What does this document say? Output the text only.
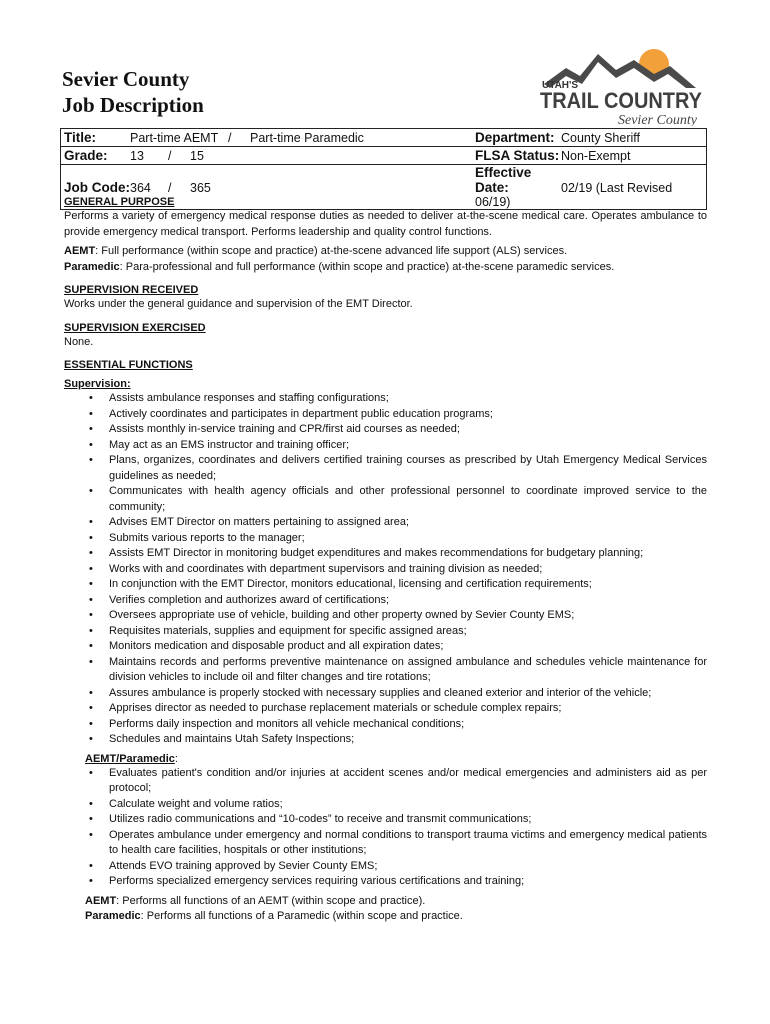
Sevier County
Job Description
UTAH'S
TRAIL COUNTRY
Sevier County
Title: Part-time AEMT / Part-time Paramedic	Department: County Sheriff
Grade: 13 / 15	FLSA Status: Non-Exempt
Job Code:364 / 365	Effective Date: 02/19 (Last Revised 06/19)
GENERAL PURPOSE

Performs a variety of emergency medical response duties as needed to deliver at-the-scene medical care. Operates ambulance to provide emergency medical transport. Performs leadership and quality control functions.

AEMT: Full performance (within scope and practice) at-the-scene advanced life support (ALS) services.

Paramedic: Para-professional and full performance (within scope and practice) at-the-scene paramedic services.

SUPERVISION RECEIVED

Works under the general guidance and supervision of the EMT Director.

SUPERVISION EXERCISED

None.

ESSENTIAL FUNCTIONS
Supervision:
• Assists ambulance responses and staffing configurations;
• Actively coordinates and participates in department public education programs;
• Assists monthly in-service training and CPR/first aid courses as needed;
• May act as an EMS instructor and training officer;
• Plans, organizes, coordinates and delivers certified training courses as prescribed by Utah Emergency Medical Services guidelines as needed;
• Communicates with health agency officials and other professional personnel to coordinate improved service to the community;
• Advises EMT Director on matters pertaining to assigned area;
• Submits various reports to the manager;
• Assists EMT Director in monitoring budget expenditures and makes recommendations for budgetary planning;
• Works with and coordinates with department supervisors and training division as needed;
• In conjunction with the EMT Director, monitors educational, licensing and certification requirements;
• Verifies completion and authorizes award of certifications;
• Oversees appropriate use of vehicle, building and other property owned by Sevier County EMS;
• Requisites materials, supplies and equipment for specific assigned areas;
• Monitors medication and disposable product and all expiration dates;
• Maintains records and performs preventive maintenance on assigned ambulance and schedules vehicle maintenance for division vehicles to include oil and filter changes and tire rotations;
• Assures ambulance is properly stocked with necessary supplies and cleaned exterior and interior of the vehicle;
• Apprises director as needed to purchase replacement materials or schedule complex repairs;
• Performs daily inspection and monitors all vehicle mechanical conditions;
• Schedules and maintains Utah Safety Inspections;
AEMT/Paramedic:
• Evaluates patient's condition and/or injuries at accident scenes and/or medical emergencies and administers aid as per protocol;
• Calculate weight and volume ratios;
• Utilizes radio communications and “10-codes” to receive and transmit communications;
• Operates ambulance under emergency and normal conditions to transport trauma victims and emergency medical patients to health care facilities, hospitals or other institutions;
• Attends EVO training approved by Sevier County EMS;
• Performs specialized emergency services requiring various certifications and training;

AEMT: Performs all functions of an AEMT (within scope and practice).

Paramedic: Performs all functions of a Paramedic (within scope and practice.
